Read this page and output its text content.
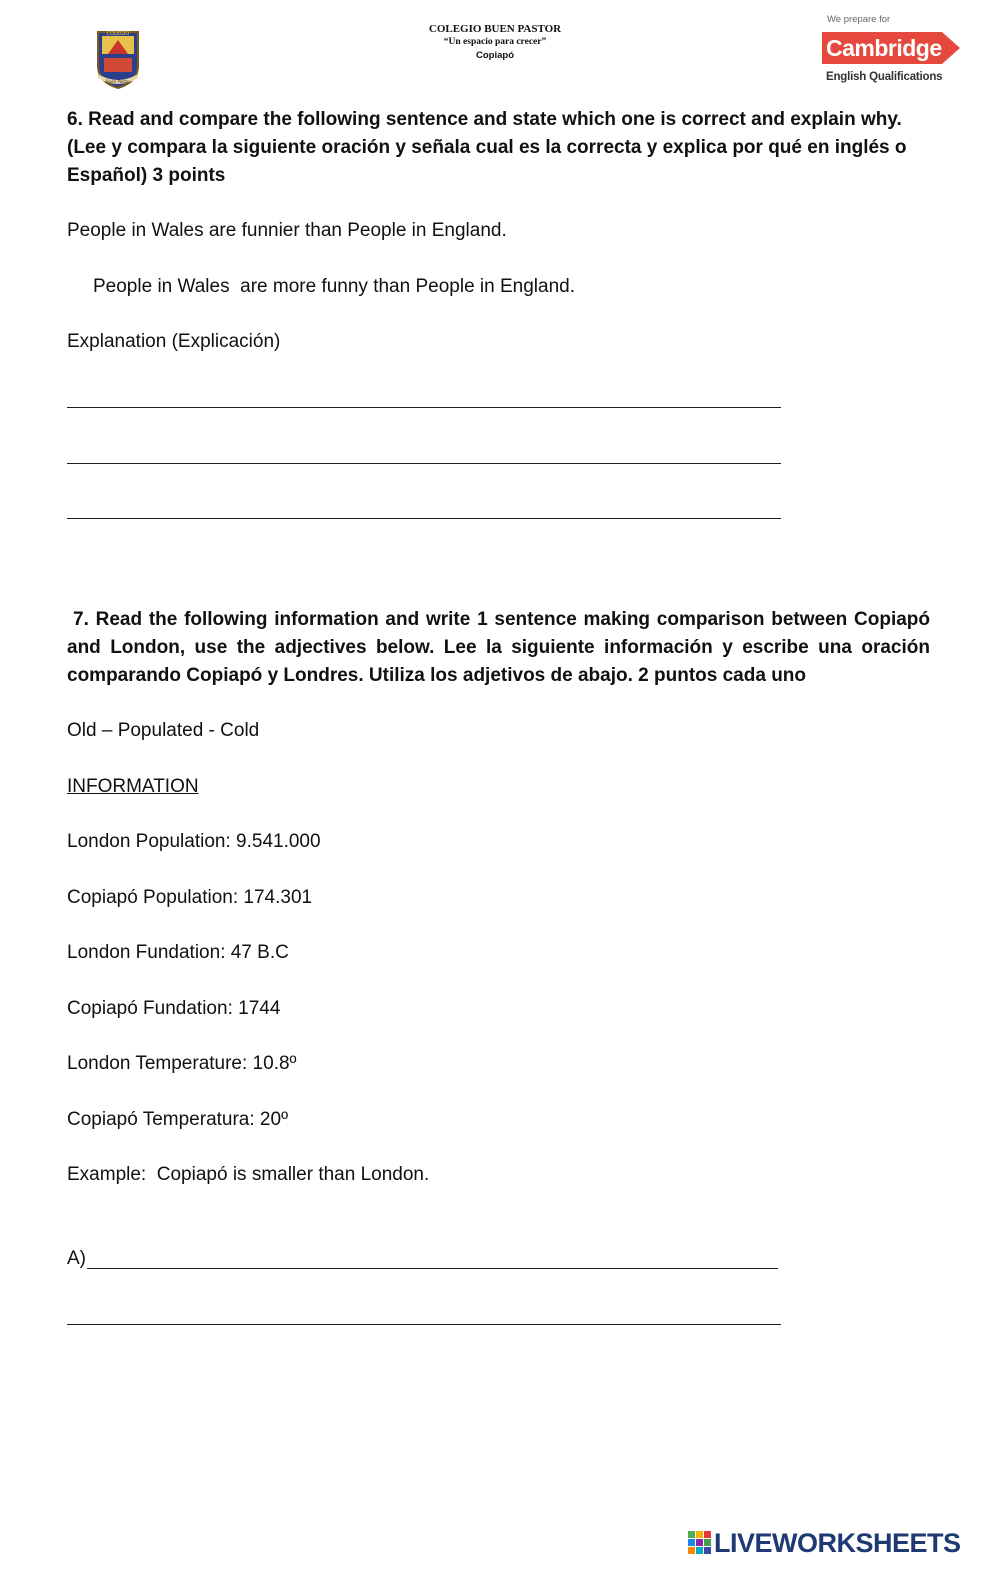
COLEGIO
Buen Pastor
COLEGIO BUEN PASTOR
“Un espacio para crecer”
Copiapó
We prepare for
Cambridge
English Qualifications
6. Read and compare the following sentence and state which one is correct and explain why. (Lee y compara la siguiente oración y señala cual es la correcta y explica por qué en inglés o Español) 3 points
People in Wales are funnier than People in England.
People in Wales  are more funny than People in England.
Explanation (Explicación)
7. Read the following information and write 1 sentence making comparison between Copiapó and London, use the adjectives below. Lee la siguiente información y escribe una oración comparando Copiapó y Londres. Utiliza los adjetivos de abajo. 2 puntos cada uno
Old – Populated - Cold
INFORMATION
London Population: 9.541.000
Copiapó Population: 174.301
London Fundation: 47 B.C
Copiapó Fundation: 1744
London Temperature: 10.8º
Copiapó Temperatura: 20º
Example:  Copiapó is smaller than London.
A)
LIVEWORKSHEETS
